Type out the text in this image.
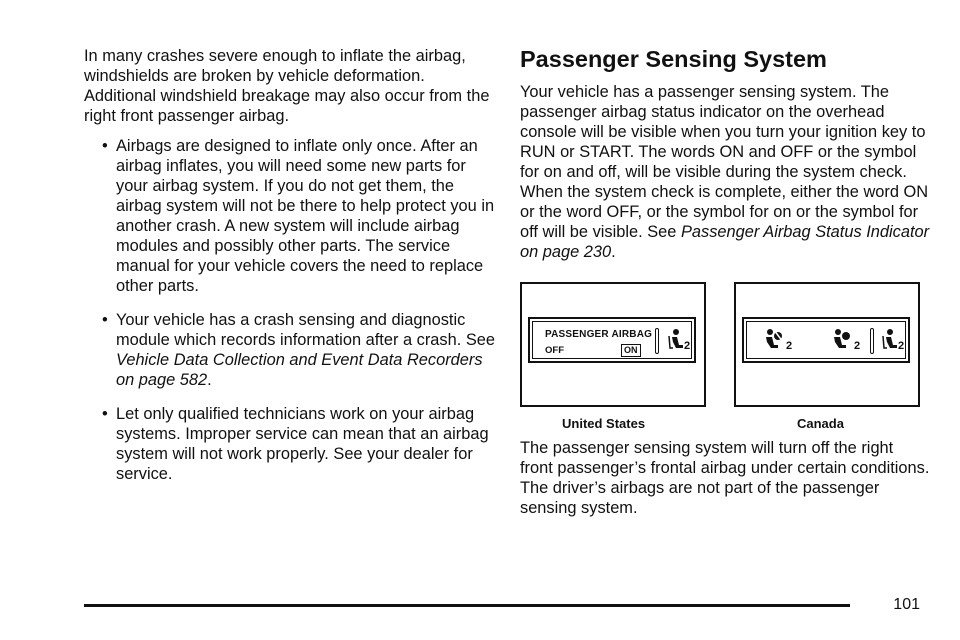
In many crashes severe enough to inflate the airbag, windshields are broken by vehicle deformation. Additional windshield breakage may also occur from the right front passenger airbag.

• Airbags are designed to inflate only once. After an airbag inflates, you will need some new parts for your airbag system. If you do not get them, the airbag system will not be there to help protect you in another crash. A new system will include airbag modules and possibly other parts. The service manual for your vehicle covers the need to replace other parts.
• Your vehicle has a crash sensing and diagnostic module which records information after a crash. See Vehicle Data Collection and Event Data Recorders on page 582.
• Let only qualified technicians work on your airbag systems. Improper service can mean that an airbag system will not work properly. See your dealer for service.
Passenger Sensing System

Your vehicle has a passenger sensing system. The passenger airbag status indicator on the overhead console will be visible when you turn your ignition key to RUN or START. The words ON and OFF or the symbol for on and off, will be visible during the system check. When the system check is complete, either the word ON or the word OFF, or the symbol for on or the symbol for off will be visible. See Passenger Airbag Status Indicator on page 230.

PASSENGER AIRBAG
OFF	ON	2	2	2	2
United States	Canada

The passenger sensing system will turn off the right front passenger’s frontal airbag under certain conditions. The driver’s airbags are not part of the passenger sensing system.

101
